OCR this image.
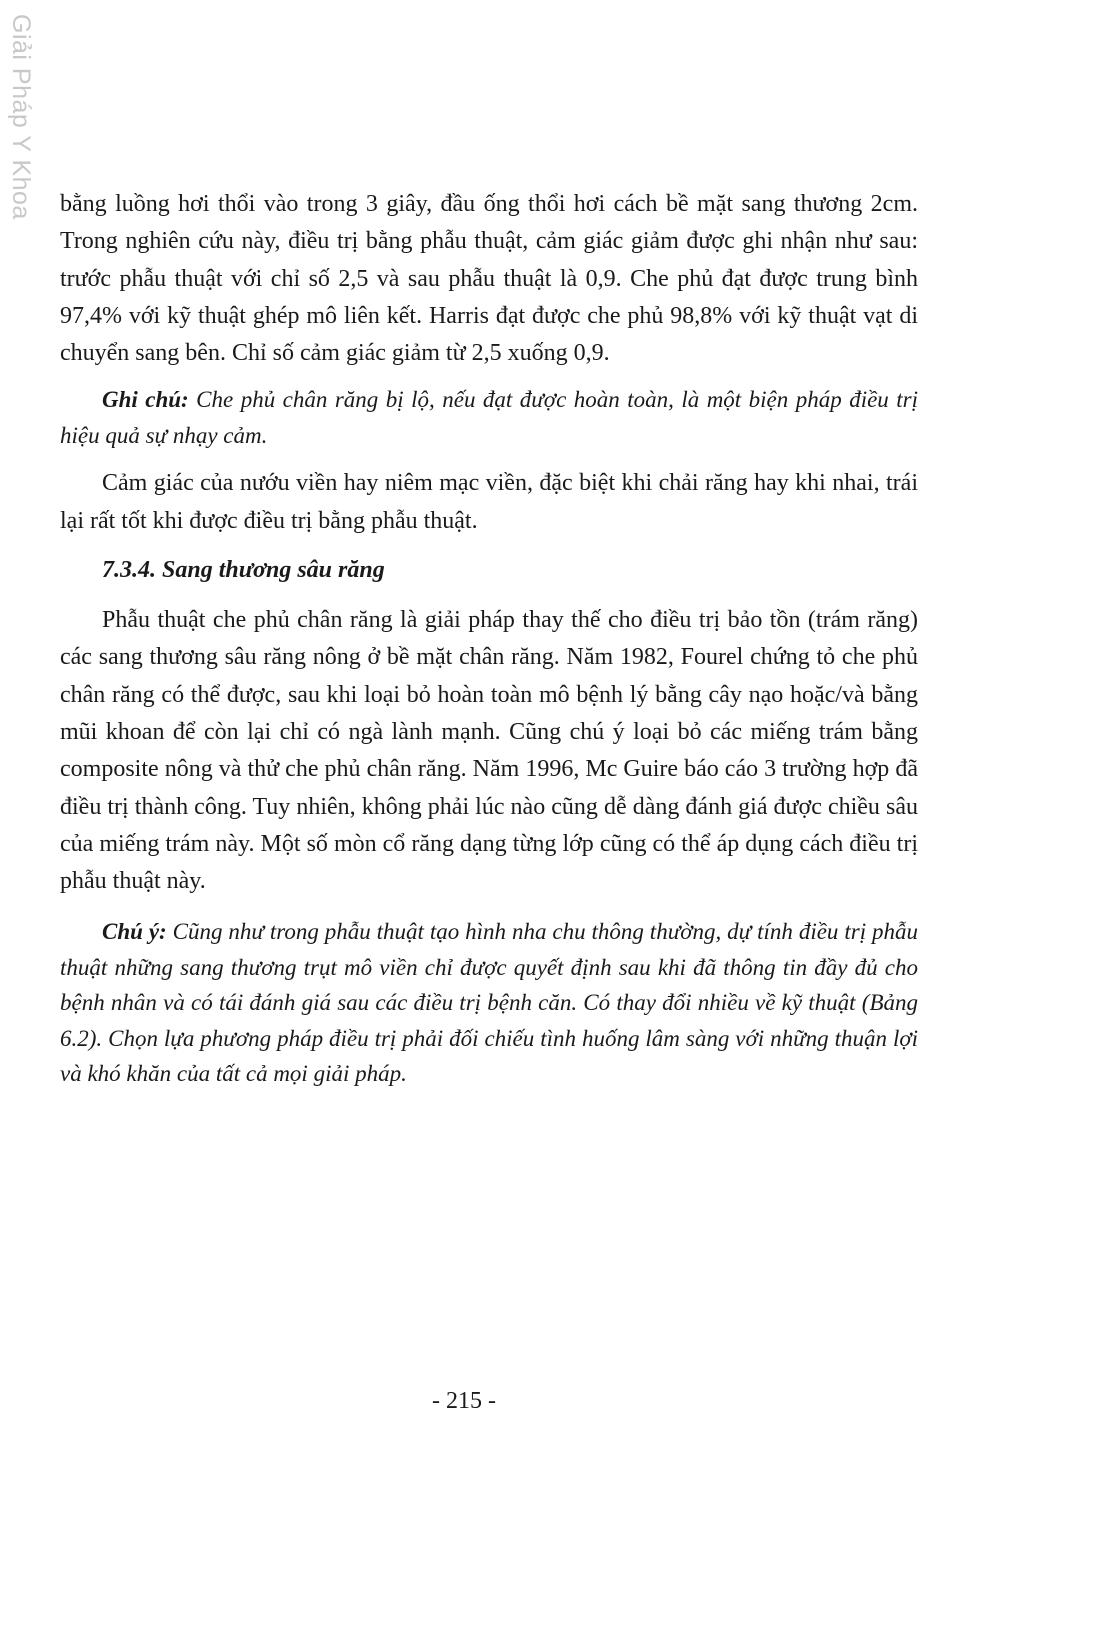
Giải Pháp Y Khoa bằng luồng hơi thổi vào trong 3 giây, đầu ống thổi hơi cách bề mặt sang thương 2cm. Trong nghiên cứu này, điều trị bằng phẫu thuật, cảm giác giảm được ghi nhận như sau: trước phẫu thuật với chỉ số 2,5 và sau phẫu thuật là 0,9. Che phủ đạt được trung bình 97,4% với kỹ thuật ghép mô liên kết. Harris đạt được che phủ 98,8% với kỹ thuật vạt di chuyển sang bên. Chỉ số cảm giác giảm từ 2,5 xuống 0,9.

Ghi chú: Che phủ chân răng bị lộ, nếu đạt được hoàn toàn, là một biện pháp điều trị hiệu quả sự nhạy cảm.

Cảm giác của nướu viền hay niêm mạc viền, đặc biệt khi chải răng hay khi nhai, trái lại rất tốt khi được điều trị bằng phẫu thuật.

7.3.4. Sang thương sâu răng

Phẫu thuật che phủ chân răng là giải pháp thay thế cho điều trị bảo tồn (trám răng) các sang thương sâu răng nông ở bề mặt chân răng. Năm 1982, Fourel chứng tỏ che phủ chân răng có thể được, sau khi loại bỏ hoàn toàn mô bệnh lý bằng cây nạo hoặc/và bằng mũi khoan để còn lại chỉ có ngà lành mạnh. Cũng chú ý loại bỏ các miếng trám bằng composite nông và thử che phủ chân răng. Năm 1996, Mc Guire báo cáo 3 trường hợp đã điều trị thành công. Tuy nhiên, không phải lúc nào cũng dễ dàng đánh giá được chiều sâu của miếng trám này. Một số mòn cổ răng dạng từng lớp cũng có thể áp dụng cách điều trị phẫu thuật này.

Chú ý: Cũng như trong phẫu thuật tạo hình nha chu thông thường, dự tính điều trị phẫu thuật những sang thương trụt mô viền chỉ được quyết định sau khi đã thông tin đầy đủ cho bệnh nhân và có tái đánh giá sau các điều trị bệnh căn. Có thay đổi nhiều về kỹ thuật (Bảng 6.2). Chọn lựa phương pháp điều trị phải đối chiếu tình huống lâm sàng với những thuận lợi và khó khăn của tất cả mọi giải pháp.

- 215 -
